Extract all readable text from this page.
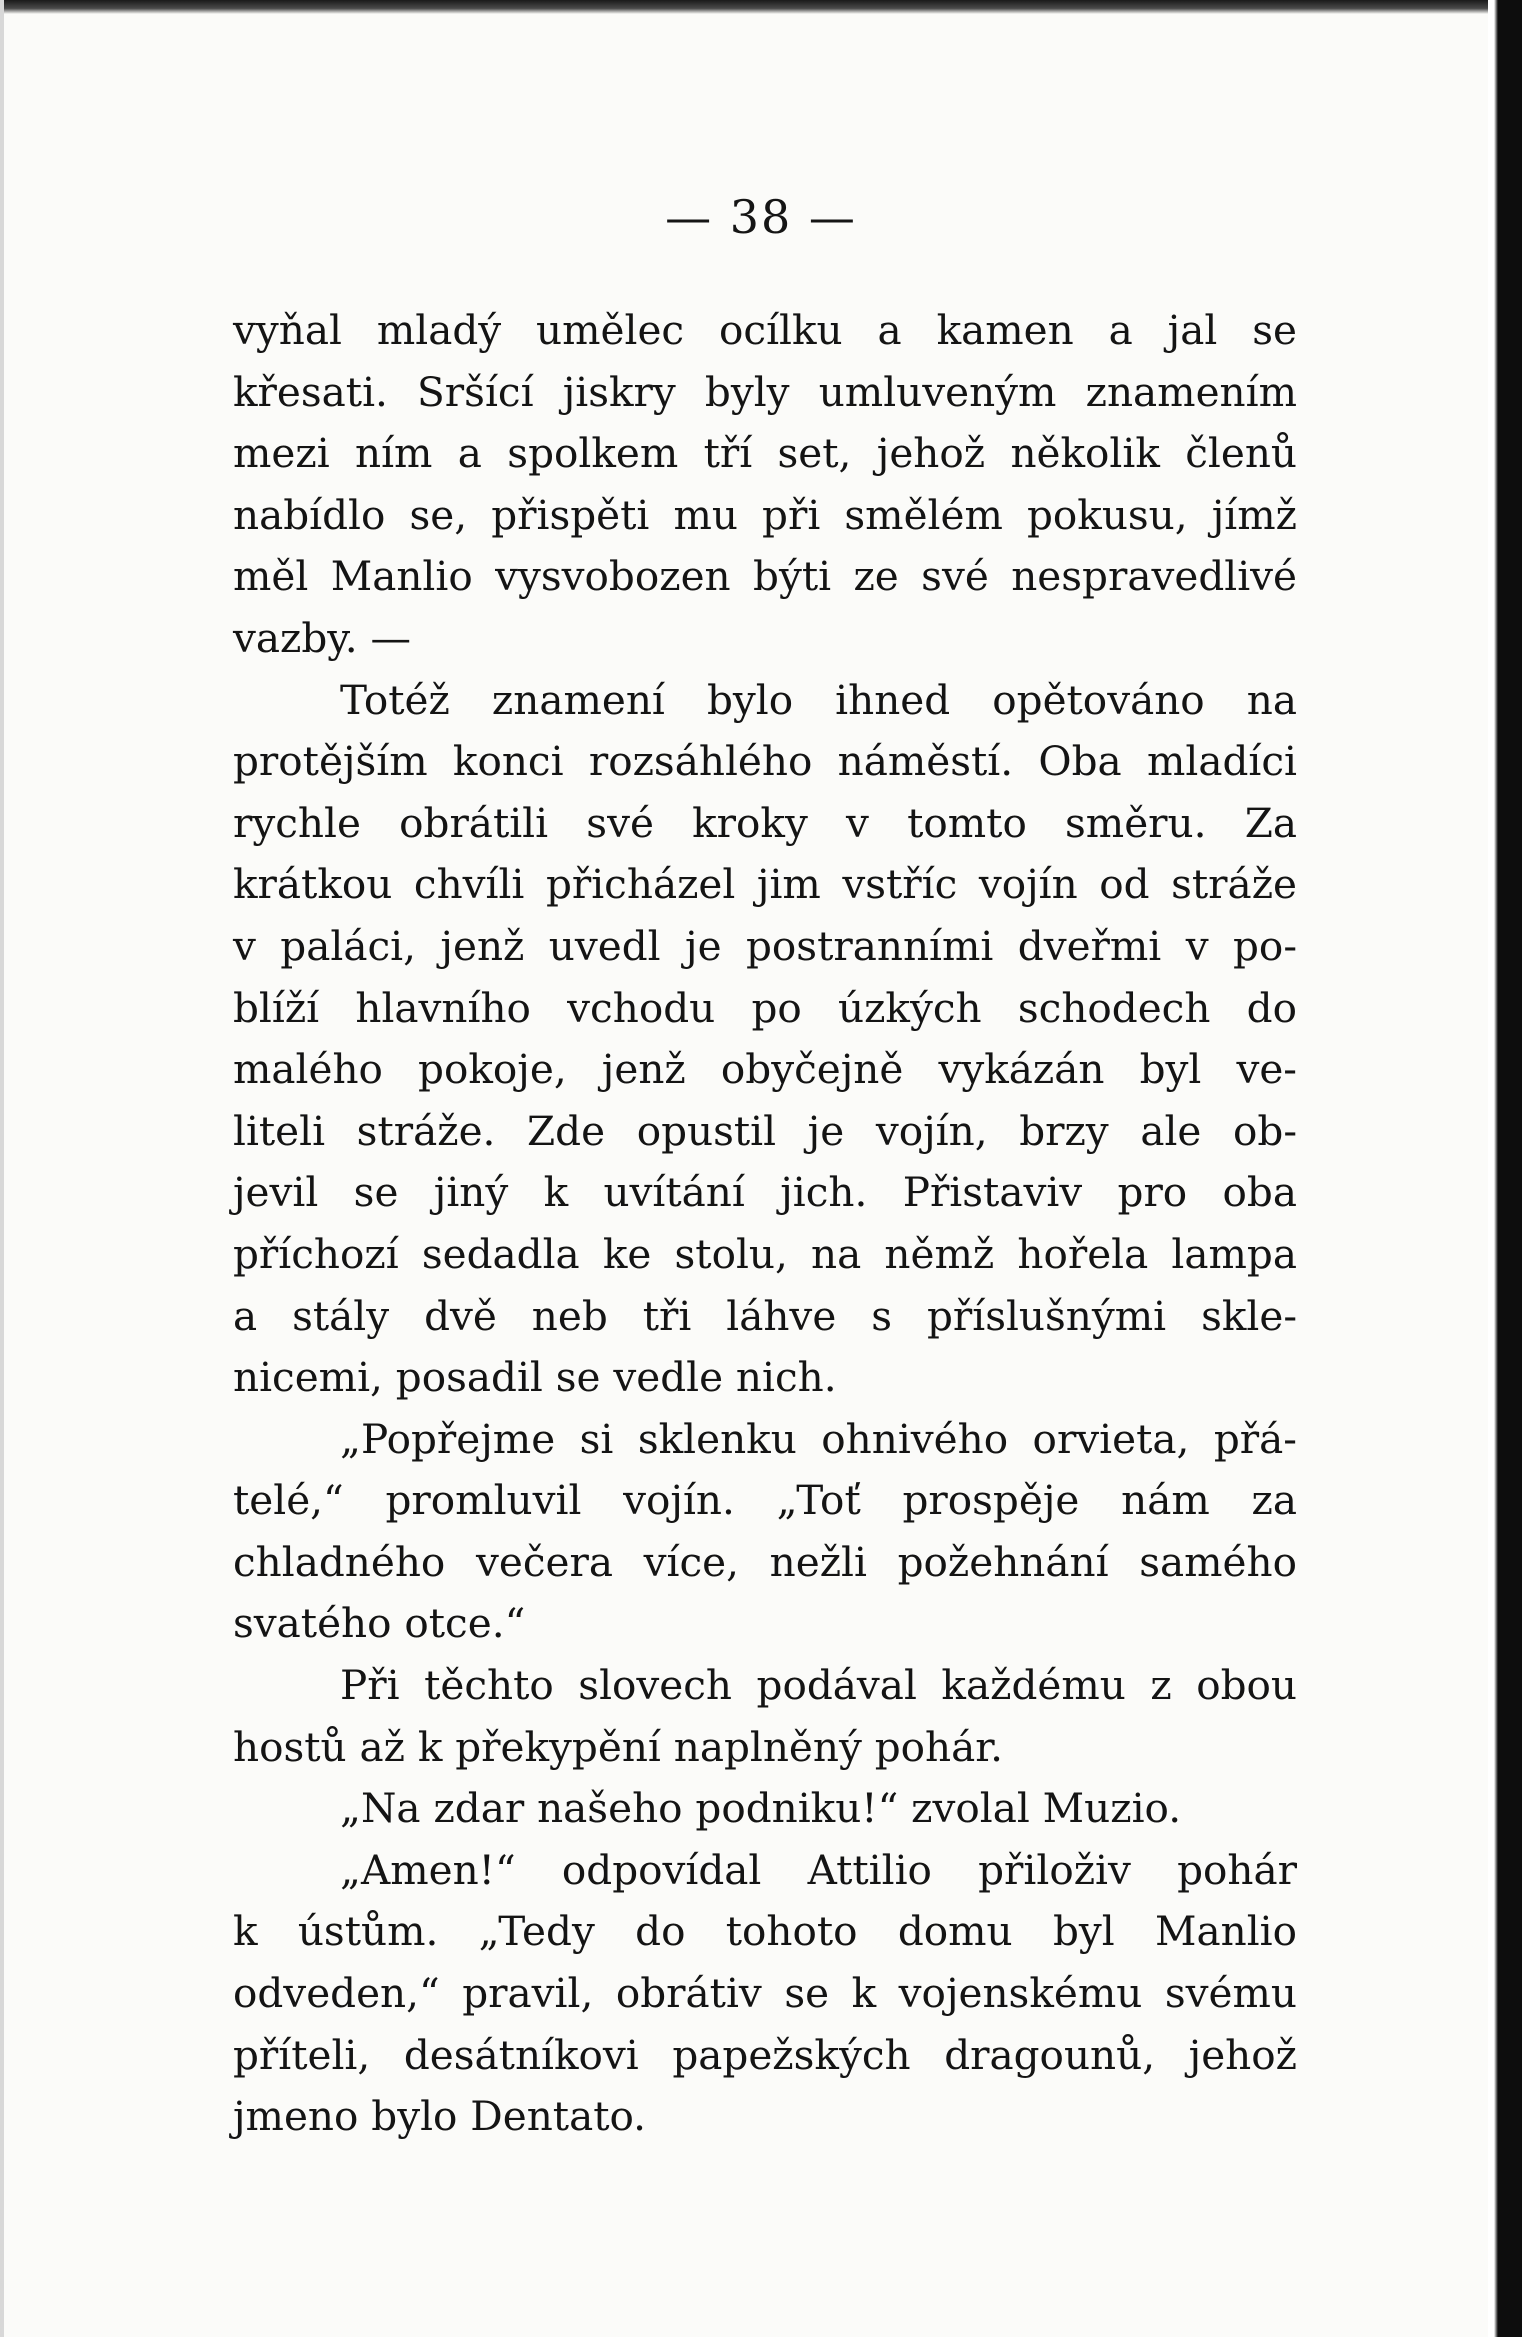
— 38 —
vyňal mladý umělec ocílku a kamen a jal se
křesati. Sršící jiskry byly umluveným znamením
mezi ním a spolkem tří set, jehož několik členů
nabídlo se, přispěti mu při smělém pokusu, jímž
měl Manlio vysvobozen býti ze své nespravedlivé
vazby. —
Totéž znamení bylo ihned opětováno na
protějším konci rozsáhlého náměstí. Oba mladíci
rychle obrátili své kroky v tomto směru. Za
krátkou chvíli přicházel jim vstříc vojín od stráže
v paláci, jenž uvedl je postranními dveřmi v po-
blíží hlavního vchodu po úzkých schodech do
malého pokoje, jenž obyčejně vykázán byl ve-
liteli stráže. Zde opustil je vojín, brzy ale ob-
jevil se jiný k uvítání jich. Přistaviv pro oba
příchozí sedadla ke stolu, na němž hořela lampa
a stály dvě neb tři láhve s příslušnými skle-
nicemi, posadil se vedle nich.
„Popřejme si sklenku ohnivého orvieta, přá-
telé,“ promluvil vojín. „Toť prospěje nám za
chladného večera více, nežli požehnání samého
svatého otce.“
Při těchto slovech podával každému z obou
hostů až k překypění naplněný pohár.
„Na zdar našeho podniku!“ zvolal Muzio.
„Amen!“ odpovídal Attilio přiloživ pohár
k ústům. „Tedy do tohoto domu byl Manlio
odveden,“ pravil, obrátiv se k vojenskému svému
příteli, desátníkovi papežských dragounů, jehož
jmeno bylo Dentato.
